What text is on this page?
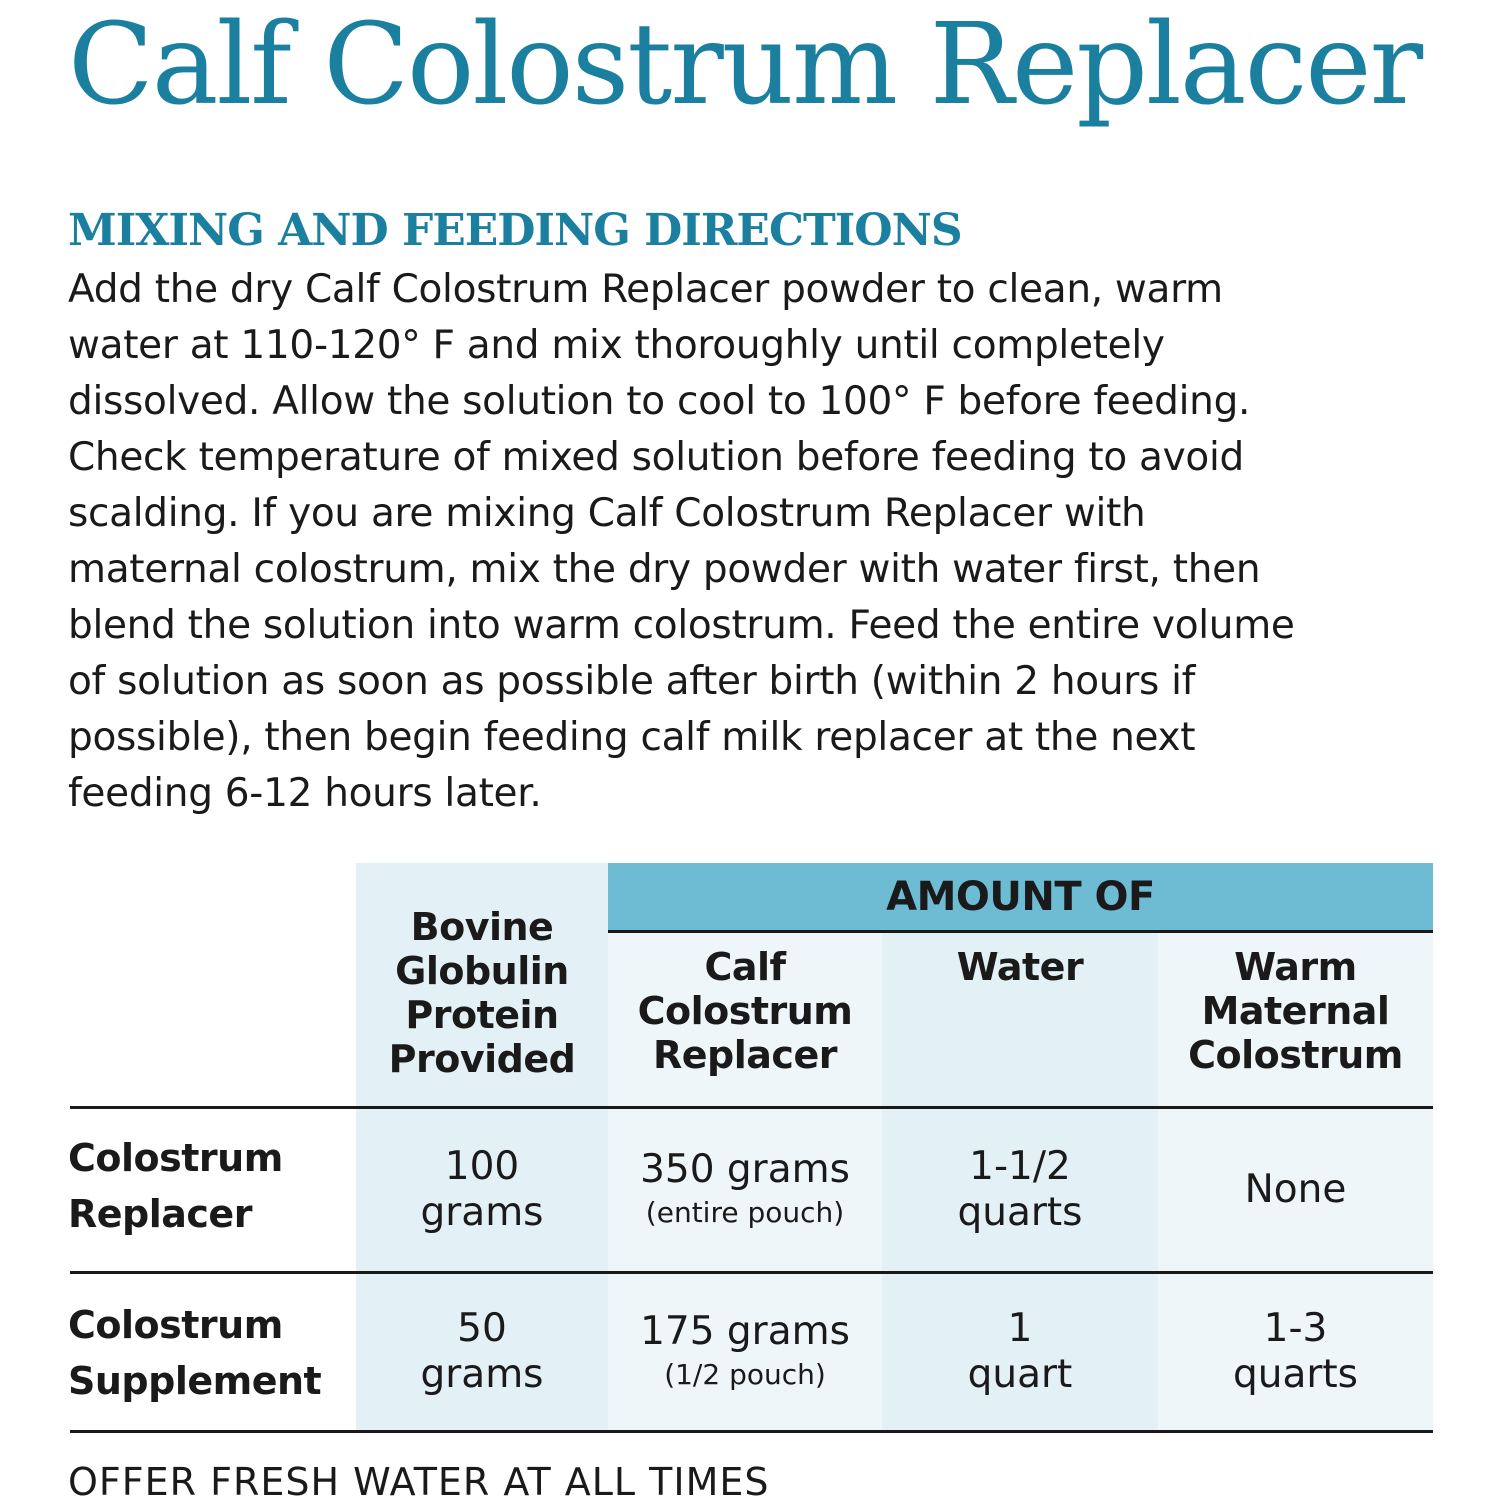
Calf Colostrum Replacer
MIXING AND FEEDING DIRECTIONS
Add the dry Calf Colostrum Replacer powder to clean, warm
water at 110-120° F and mix thoroughly until completely
dissolved. Allow the solution to cool to 100° F before feeding.
Check temperature of mixed solution before feeding to avoid
scalding. If you are mixing Calf Colostrum Replacer with
maternal colostrum, mix the dry powder with water first, then
blend the solution into warm colostrum. Feed the entire volume
of solution as soon as possible after birth (within 2 hours if
possible), then begin feeding calf milk replacer at the next
feeding 6-12 hours later.
AMOUNT OF
Bovine
Globulin
Protein
Provided
Calf
Colostrum
Replacer
Water	Warm
Maternal
Colostrum
Colostrum
Replacer
100
grams
350 grams
(entire pouch)
1-1/2
quarts
None
Colostrum
Supplement
50
grams
175 grams
(1/2 pouch)
1
quart
1-3
quarts
OFFER FRESH WATER AT ALL TIMES
